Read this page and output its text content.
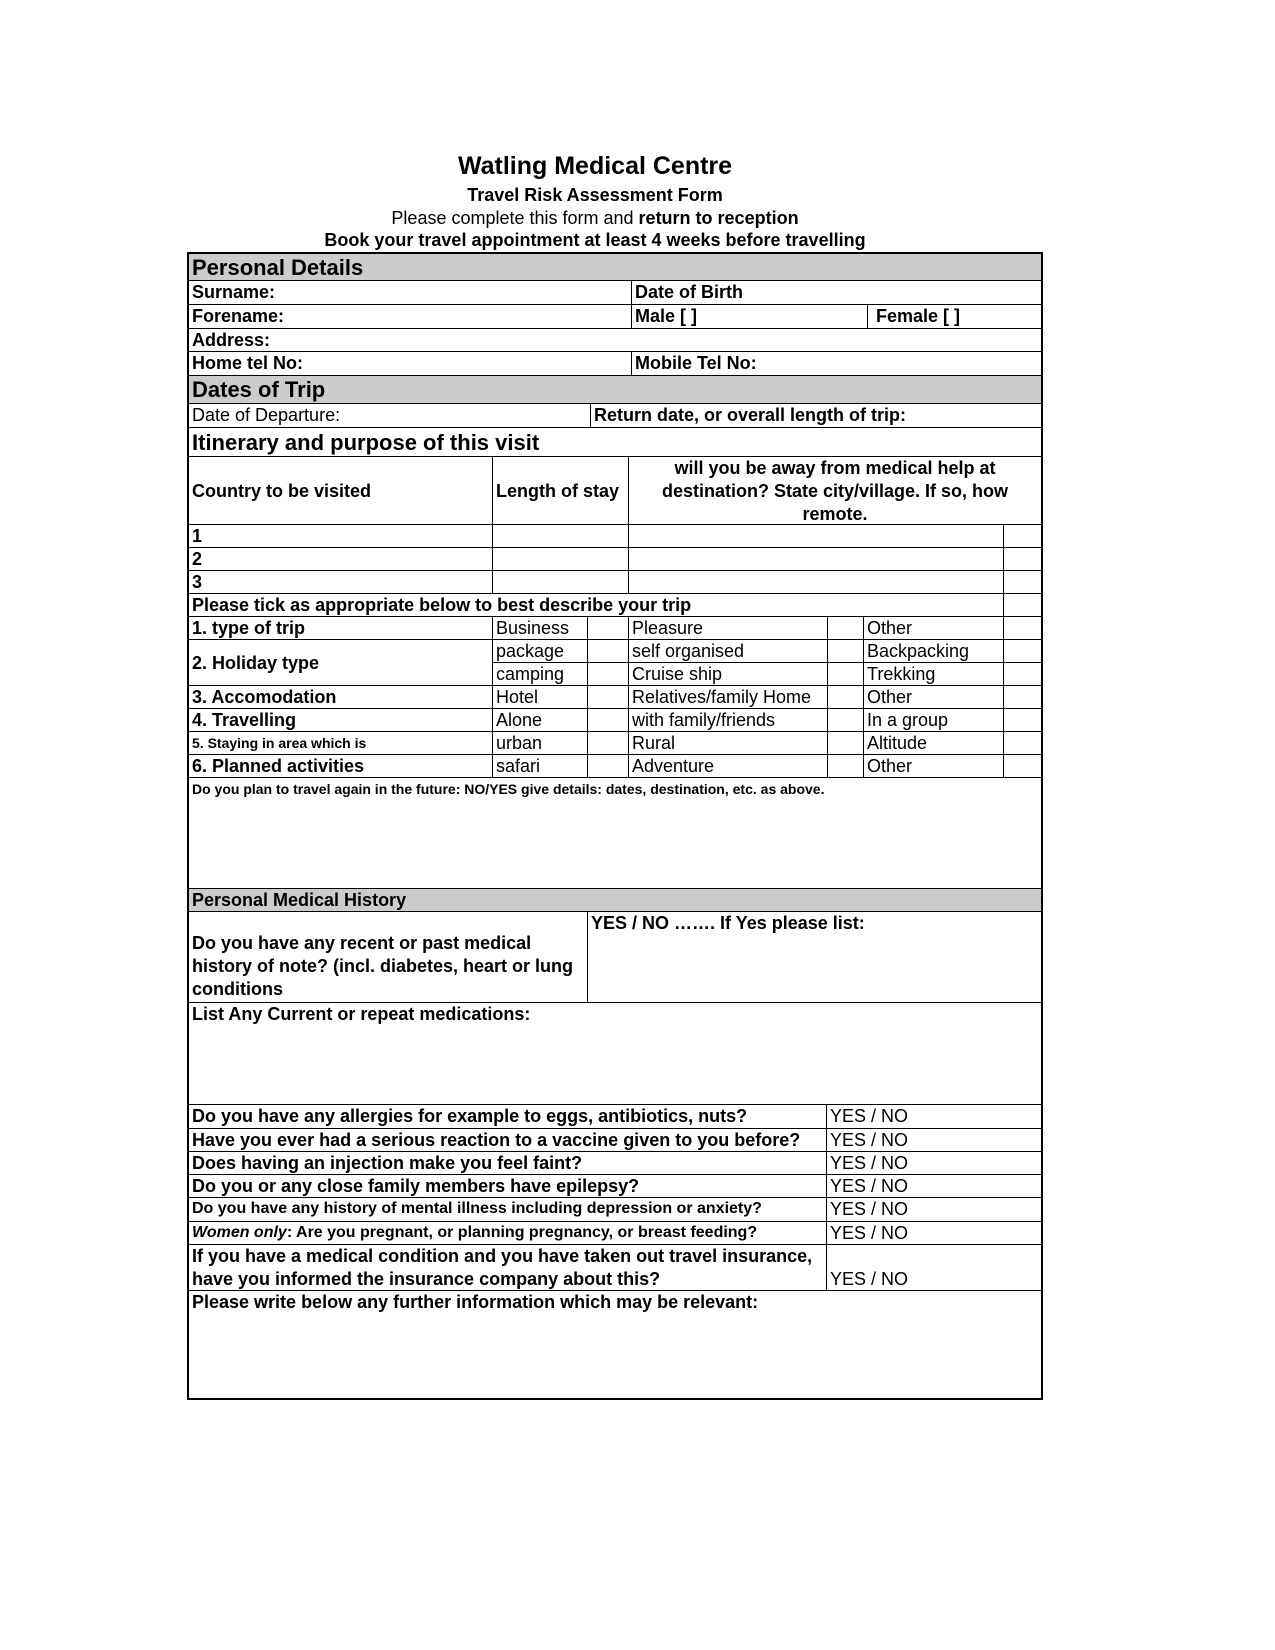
Watling Medical Centre
Travel Risk Assessment Form
Please complete this form and return to reception
Book your travel appointment at least 4 weeks before travelling
Personal Details
Surname:	Date of Birth
Forename:	Male [ ]	Female [ ]
Address:
Home tel No:	Mobile Tel No:
Dates of Trip
Date of Departure:	Return date, or overall length of trip:
Itinerary and purpose of this visit
Country to be visited	Length of stay
will you be away from medical help at destination? State city/village. If so, how remote.
1
2
3
Please tick as appropriate below to best describe your trip
1. type of trip	Business	Pleasure	Other
2. Holiday type
package	self organised	Backpacking
camping	Cruise ship	Trekking
3. Accomodation	Hotel	Relatives/family Home	Other
4. Travelling	Alone	with family/friends	In a group
5. Staying in area which is	urban	Rural	Altitude
6. Planned activities	safari	Adventure	Other
Do you plan to travel again in the future: NO/YES give details: dates, destination, etc. as above.
Personal Medical History
Do you have any recent or past medical history of note? (incl. diabetes, heart or lung conditions
YES / NO ……. If Yes please list:
List Any Current or repeat medications:
Do you have any allergies for example to eggs, antibiotics, nuts?	YES / NO
Have you ever had a serious reaction to a vaccine given to you before?	YES / NO
Does having an injection make you feel faint?	YES / NO
Do you or any close family members have epilepsy?	YES / NO
Do you have any history of mental illness including depression or anxiety?	YES / NO
Women only: Are you pregnant, or planning pregnancy, or breast feeding?	YES / NO
If you have a medical condition and you have taken out travel insurance, have you informed the insurance company about this?	YES / NO
Please write below any further information which may be relevant:
